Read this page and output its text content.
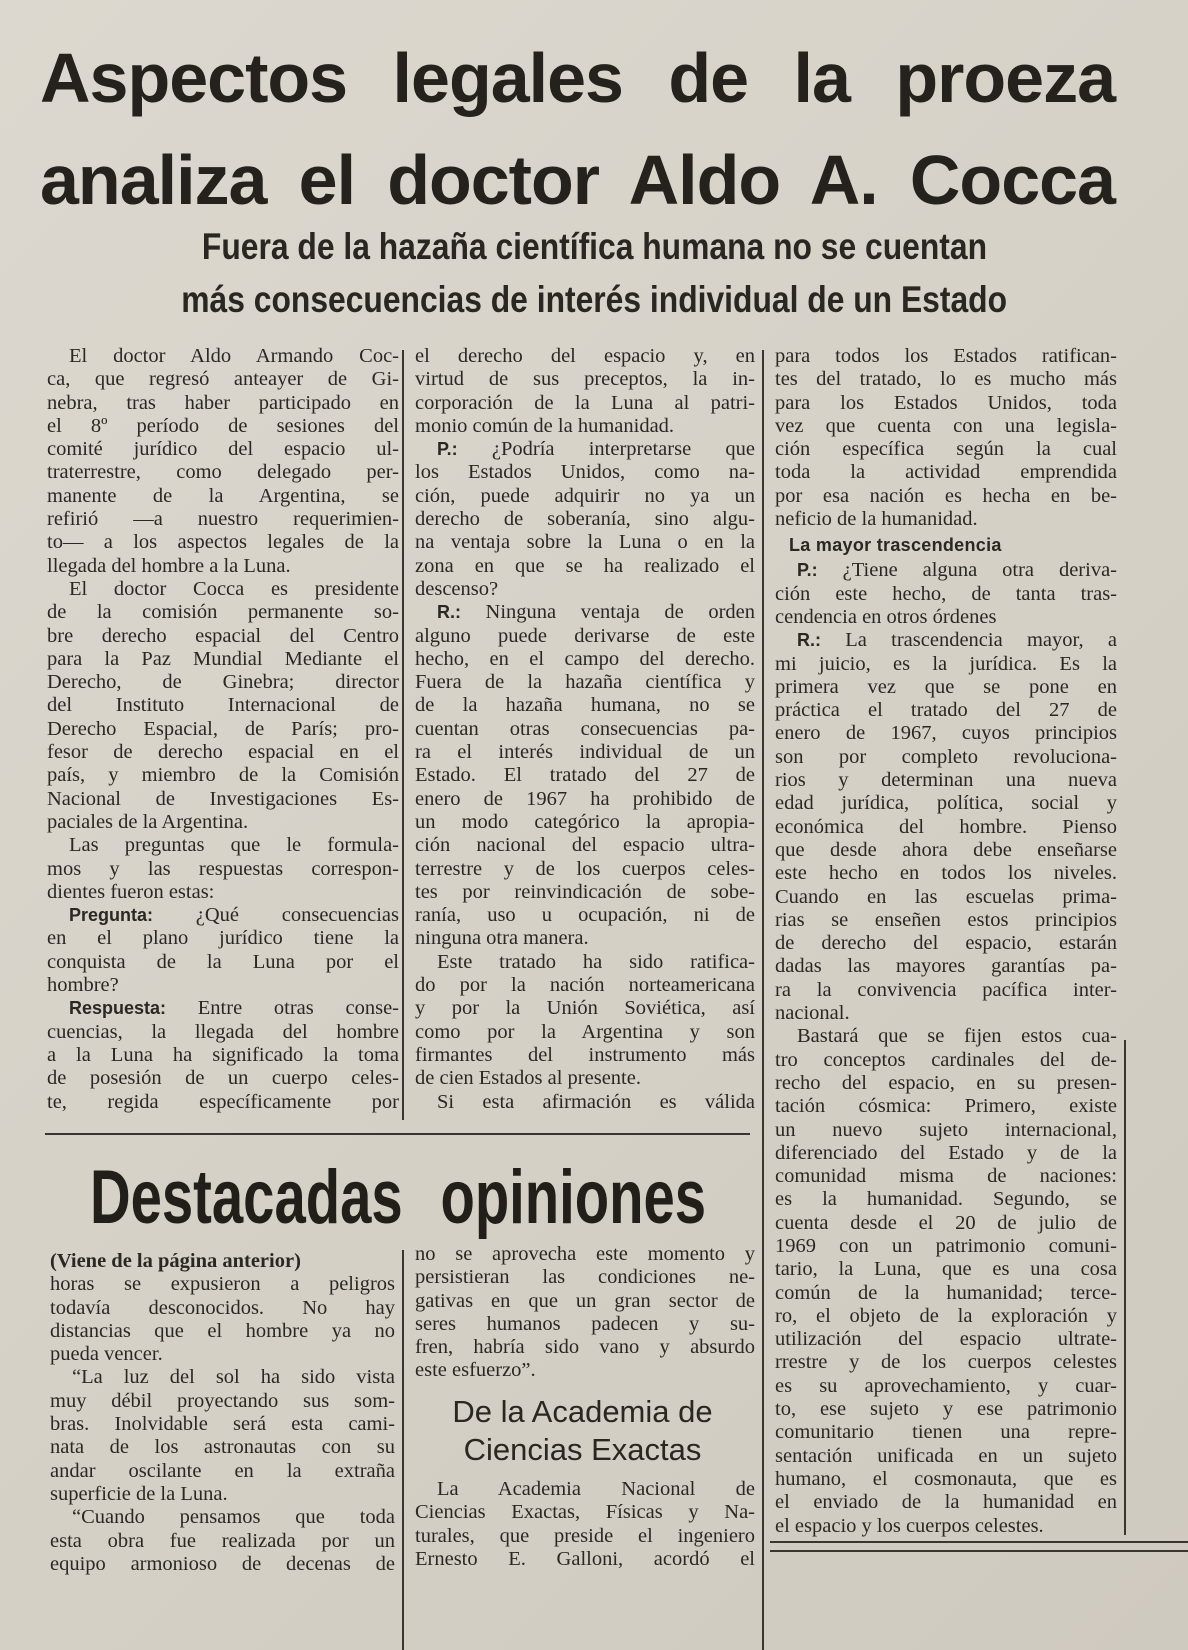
Aspectos legales de la proeza
analiza el doctor Aldo A. Cocca
Fuera de la hazaña científica humana no se cuentan
más consecuencias de interés individual de un Estado
El doctor Aldo Armando Coc-
ca, que regresó anteayer de Gi-
nebra, tras haber participado en
el 8º período de sesiones del
comité jurídico del espacio ul-
traterrestre, como delegado per-
manente de la Argentina, se
refirió —a nuestro requerimien-
to— a los aspectos legales de la
llegada del hombre a la Luna.
El doctor Cocca es presidente
de la comisión permanente so-
bre derecho espacial del Centro
para la Paz Mundial Mediante el
Derecho, de Ginebra; director
del Instituto Internacional de
Derecho Espacial, de París; pro-
fesor de derecho espacial en el
país, y miembro de la Comisión
Nacional de Investigaciones Es-
paciales de la Argentina.
Las preguntas que le formula-
mos y las respuestas correspon-
dientes fueron estas:
Pregunta: ¿Qué consecuencias
en el plano jurídico tiene la
conquista de la Luna por el
hombre?
Respuesta: Entre otras conse-
cuencias, la llegada del hombre
a la Luna ha significado la toma
de posesión de un cuerpo celes-
te, regida específicamente por
el derecho del espacio y, en
virtud de sus preceptos, la in-
corporación de la Luna al patri-
monio común de la humanidad.
P.: ¿Podría interpretarse que
los Estados Unidos, como na-
ción, puede adquirir no ya un
derecho de soberanía, sino algu-
na ventaja sobre la Luna o en la
zona en que se ha realizado el
descenso?
R.: Ninguna ventaja de orden
alguno puede derivarse de este
hecho, en el campo del derecho.
Fuera de la hazaña científica y
de la hazaña humana, no se
cuentan otras consecuencias pa-
ra el interés individual de un
Estado. El tratado del 27 de
enero de 1967 ha prohibido de
un modo categórico la apropia-
ción nacional del espacio ultra-
terrestre y de los cuerpos celes-
tes por reinvindicación de sobe-
ranía, uso u ocupación, ni de
ninguna otra manera.
Este tratado ha sido ratifica-
do por la nación norteamericana
y por la Unión Soviética, así
como por la Argentina y son
firmantes del instrumento más
de cien Estados al presente.
Si esta afirmación es válida
para todos los Estados ratifican-
tes del tratado, lo es mucho más
para los Estados Unidos, toda
vez que cuenta con una legisla-
ción específica según la cual
toda la actividad emprendida
por esa nación es hecha en be-
neficio de la humanidad.
La mayor trascendencia
P.: ¿Tiene alguna otra deriva-
ción este hecho, de tanta tras-
cendencia en otros órdenes
R.: La trascendencia mayor, a
mi juicio, es la jurídica. Es la
primera vez que se pone en
práctica el tratado del 27 de
enero de 1967, cuyos principios
son por completo revoluciona-
rios y determinan una nueva
edad jurídica, política, social y
económica del hombre. Pienso
que desde ahora debe enseñarse
este hecho en todos los niveles.
Cuando en las escuelas prima-
rias se enseñen estos principios
de derecho del espacio, estarán
dadas las mayores garantías pa-
ra la convivencia pacífica inter-
nacional.
Bastará que se fijen estos cua-
tro conceptos cardinales del de-
recho del espacio, en su presen-
tación cósmica: Primero, existe
un nuevo sujeto internacional,
diferenciado del Estado y de la
comunidad misma de naciones:
es la humanidad. Segundo, se
cuenta desde el 20 de julio de
1969 con un patrimonio comuni-
tario, la Luna, que es una cosa
común de la humanidad; terce-
ro, el objeto de la exploración y
utilización del espacio ultrate-
rrestre y de los cuerpos celestes
es su aprovechamiento, y cuar-
to, ese sujeto y ese patrimonio
comunitario tienen una repre-
sentación unificada en un sujeto
humano, el cosmonauta, que es
el enviado de la humanidad en
el espacio y los cuerpos celestes.
Destacadas opiniones
(Viene de la página anterior)
horas se expusieron a peligros
todavía desconocidos. No hay
distancias que el hombre ya no
pueda vencer.
“La luz del sol ha sido vista
muy débil proyectando sus som-
bras. Inolvidable será esta cami-
nata de los astronautas con su
andar oscilante en la extraña
superficie de la Luna.
“Cuando pensamos que toda
esta obra fue realizada por un
equipo armonioso de decenas de
no se aprovecha este momento y
persistieran las condiciones ne-
gativas en que un gran sector de
seres humanos padecen y su-
fren, habría sido vano y absurdo
este esfuerzo”.
De la Academia de
Ciencias Exactas
La Academia Nacional de
Ciencias Exactas, Físicas y Na-
turales, que preside el ingeniero
Ernesto E. Galloni, acordó el
